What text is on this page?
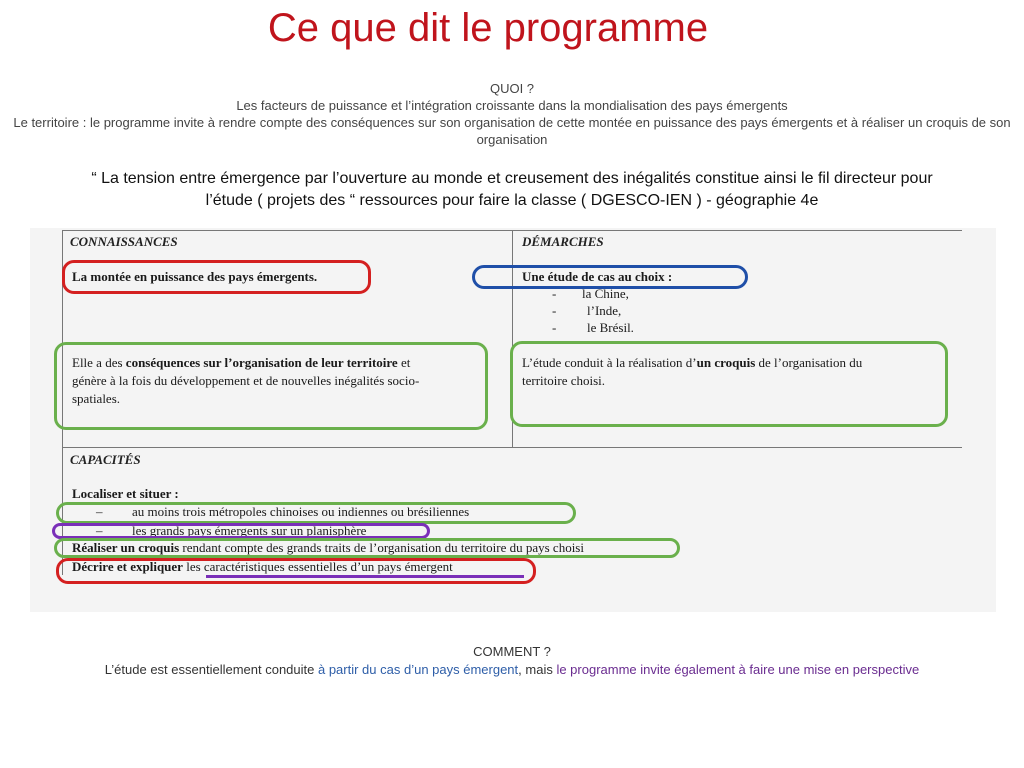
Ce que dit le programme
QUOI ?
Les facteurs de puissance et l’intégration croissante dans la mondialisation des pays émergents
Le territoire : le programme invite à rendre compte des conséquences sur son organisation de cette montée en puissance des pays émergents et à réaliser un croquis de son organisation
“ La tension entre émergence par l’ouverture au monde et creusement des inégalités constitue ainsi le fil directeur pour
l’étude ( projets des “ ressources pour faire la classe ( DGESCO-IEN ) - géographie 4e
CONNAISSANCES	DÉMARCHES
La montée en puissance des pays émergents.	Une étude de cas au choix :
- la Chine,
- l’Inde,
- le Brésil.
Elle a des conséquences sur l’organisation de leur territoire et
génère à la fois du développement et de nouvelles inégalités socio-
spatiales.
L’étude conduit à la réalisation d’un croquis de l’organisation du
territoire choisi.
CAPACITÉS
Localiser et situer :
– au moins trois métropoles chinoises ou indiennes ou brésiliennes
– les grands pays émergents sur un planisphère
Réaliser un croquis rendant compte des grands traits de l’organisation du territoire du pays choisi
Décrire et expliquer les caractéristiques essentielles d’un pays émergent
COMMENT ?
L’étude est essentiellement conduite à partir du cas d’un pays émergent, mais le programme invite également à faire une mise en perspective
